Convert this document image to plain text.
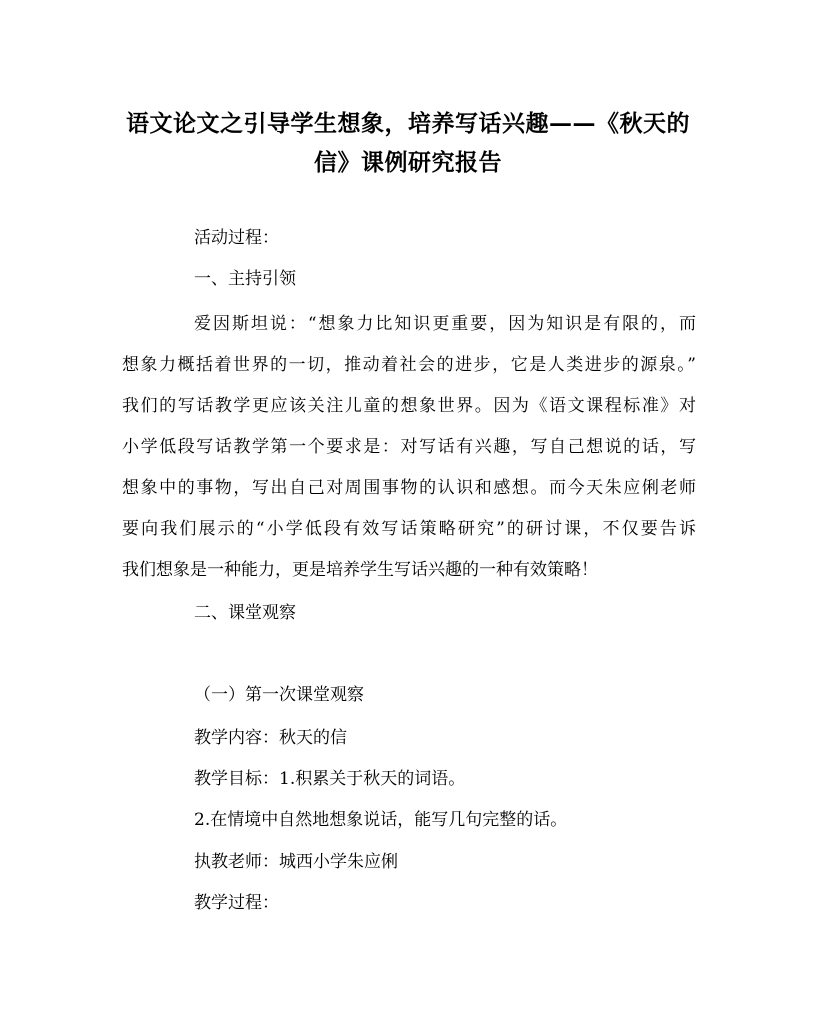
语文论文之引导学生想象，培养写话兴趣——《秋天的
信》课例研究报告
活动过程：
一、主持引领
爱因斯坦说：“想象力比知识更重要，因为知识是有限的，而
想象力概括着世界的一切，推动着社会的进步，它是人类进步的源泉。”
我们的写话教学更应该关注儿童的想象世界。因为《语文课程标准》对
小学低段写话教学第一个要求是：对写话有兴趣，写自己想说的话，写
想象中的事物，写出自己对周围事物的认识和感想。而今天朱应俐老师
要向我们展示的“小学低段有效写话策略研究”的研讨课，不仅要告诉
我们想象是一种能力，更是培养学生写话兴趣的一种有效策略！
二、课堂观察
（一）第一次课堂观察
教学内容：秋天的信
教学目标：1.积累关于秋天的词语。
2.在情境中自然地想象说话，能写几句完整的话。
执教老师：城西小学朱应俐
教学过程：
